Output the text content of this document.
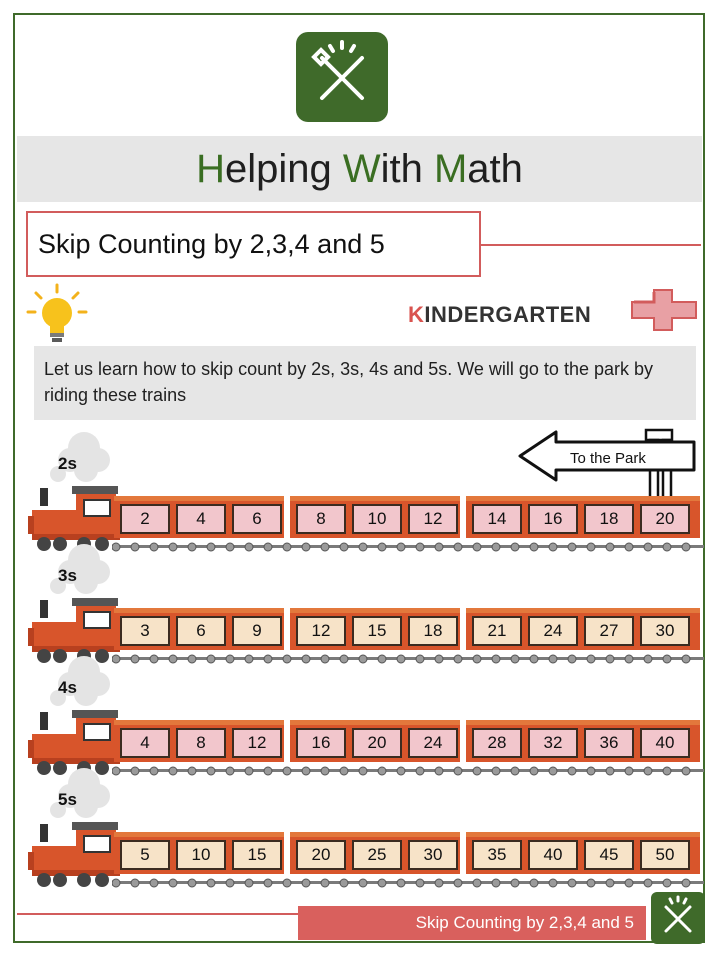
Helping With Math
Skip Counting by 2,3,4 and 5
KINDERGARTEN
Let us learn how to skip count by 2s, 3s, 4s and 5s. We will go to the park by riding these trains
To the Park
2s
2	4	6	8	10	12	14	16	18	20
3s
3	6	9	12	15	18	21	24	27	30
4s
4	8	12	16	20	24	28	32	36	40
5s
5	10	15	20	25	30	35	40	45	50
Skip Counting by 2,3,4 and 5
